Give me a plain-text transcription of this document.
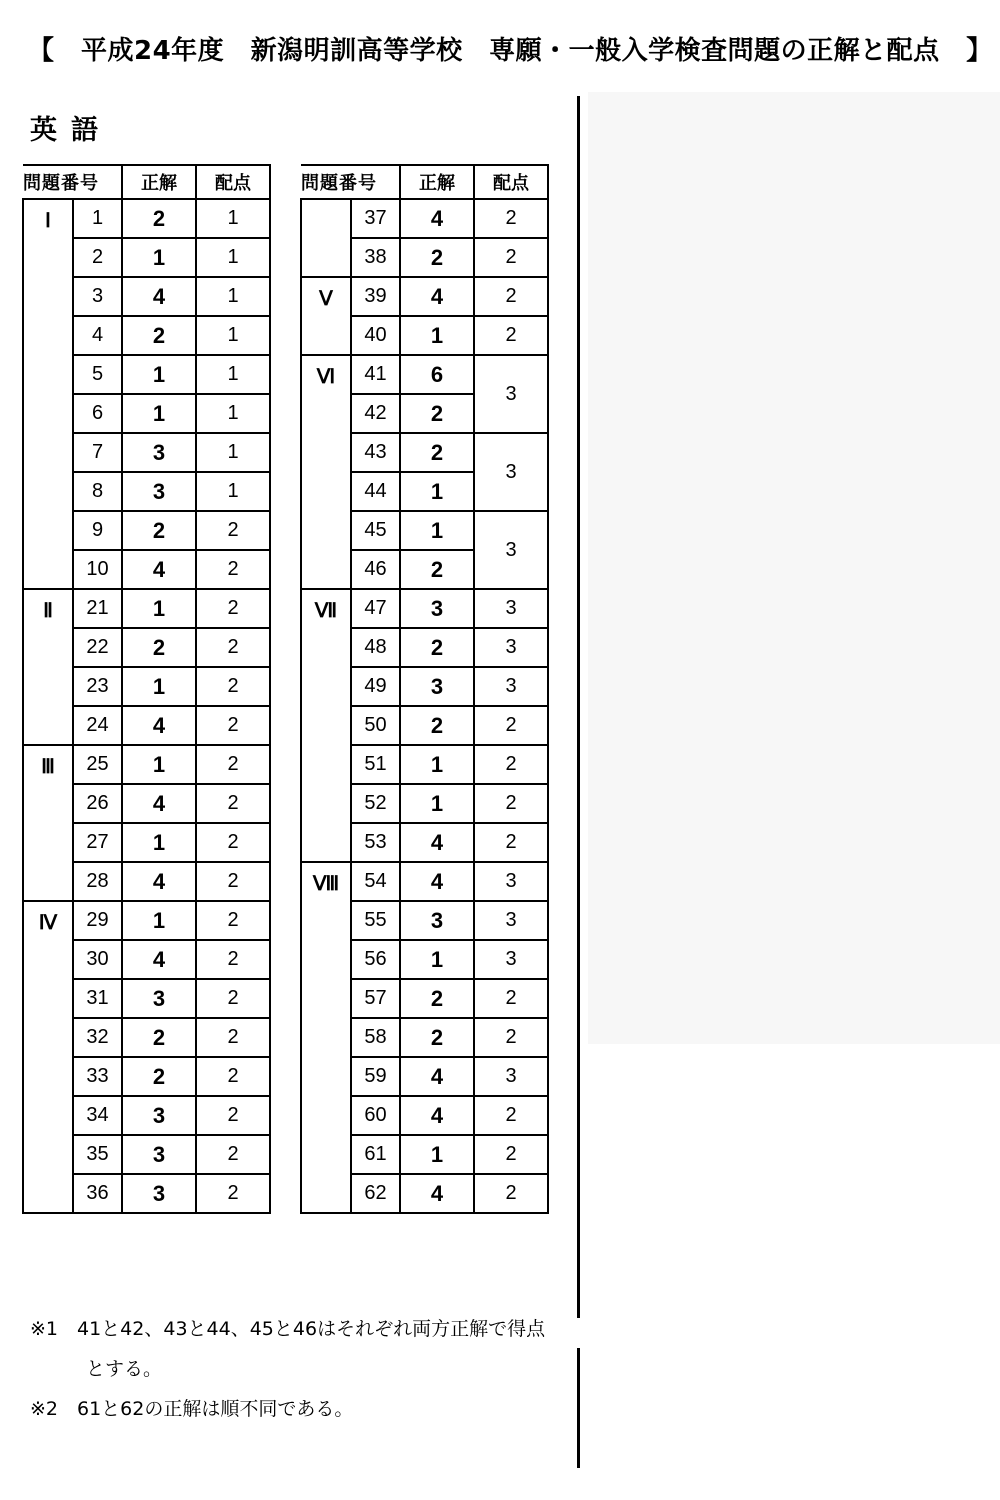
【　平成24年度　新潟明訓高等学校　専願・一般入学検査問題の正解と配点　】
英語
問題番号		正解	配点
Ⅰ	1	2	1
	2	1	1
	3	4	1
	4	2	1
	5	1	1
	6	1	1
	7	3	1
	8	3	1
	9	2	2
	10	4	2
Ⅱ	21	1	2
	22	2	2
	23	1	2
	24	4	2
Ⅲ	25	1	2
	26	4	2
	27	1	2
	28	4	2
Ⅳ	29	1	2
	30	4	2
	31	3	2
	32	2	2
	33	2	2
	34	3	2
	35	3	2
	36	3	2
問題番号		正解	配点
	37	4	2
	38	2	2
Ⅴ	39	4	2
	40	1	2
Ⅵ	41	6	3
	42	2	
	43	2	3
	44	1	
	45	1	3
	46	2	
Ⅶ	47	3	3
	48	2	3
	49	3	3
	50	2	2
	51	1	2
	52	1	2
	53	4	2
Ⅷ	54	4	3
	55	3	3
	56	1	3
	57	2	2
	58	2	2
	59	4	3
	60	4	2
	61	1	2
	62	4	2
※1　41と42、43と44、45と46はそれぞれ両方正解で得点
とする。
※2　61と62の正解は順不同である。
